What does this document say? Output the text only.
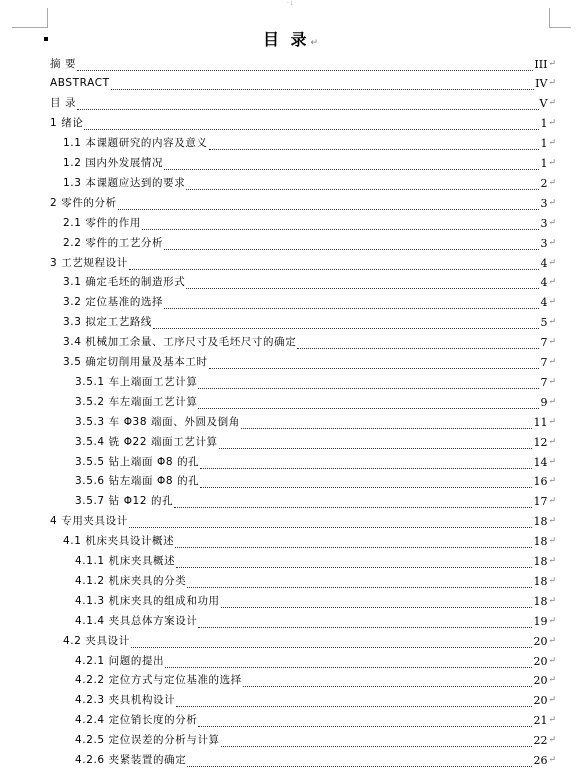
·↓
目 录↵
摘 要	III ↵
ABSTRACT	IV ↵
目 录	V ↵
1 绪论	1 ↵
1.1 本课题研究的内容及意义	1 ↵
1.2 国内外发展情况	1 ↵
1.3 本课题应达到的要求	2 ↵
2 零件的分析	3 ↵
2.1 零件的作用	3 ↵
2.2 零件的工艺分析	3 ↵
3 工艺规程设计	4 ↵
3.1 确定毛坯的制造形式	4 ↵
3.2 定位基准的选择	4 ↵
3.3 拟定工艺路线	5 ↵
3.4 机械加工余量、工序尺寸及毛坯尺寸的确定	7 ↵
3.5 确定切削用量及基本工时	7 ↵
3.5.1 车上端面工艺计算	7 ↵
3.5.2 车左端面工艺计算	9 ↵
3.5.3 车 Φ38 端面、外圆及倒角	11 ↵
3.5.4 铣 Φ22 端面工艺计算	12 ↵
3.5.5 钻上端面 Φ8 的孔	14 ↵
3.5.6 钻左端面 Φ8 的孔	16 ↵
3.5.7 钻 Φ12 的孔	17 ↵
4 专用夹具设计	18 ↵
4.1 机床夹具设计概述	18 ↵
4.1.1 机床夹具概述	18 ↵
4.1.2 机床夹具的分类	18 ↵
4.1.3 机床夹具的组成和功用	18 ↵
4.1.4 夹具总体方案设计	19 ↵
4.2 夹具设计	20 ↵
4.2.1 问题的提出	20 ↵
4.2.2 定位方式与定位基准的选择	20 ↵
4.2.3 夹具机构设计	20 ↵
4.2.4 定位销长度的分析	21 ↵
4.2.5 定位误差的分析与计算	22 ↵
4.2.6 夹紧装置的确定	26 ↵
